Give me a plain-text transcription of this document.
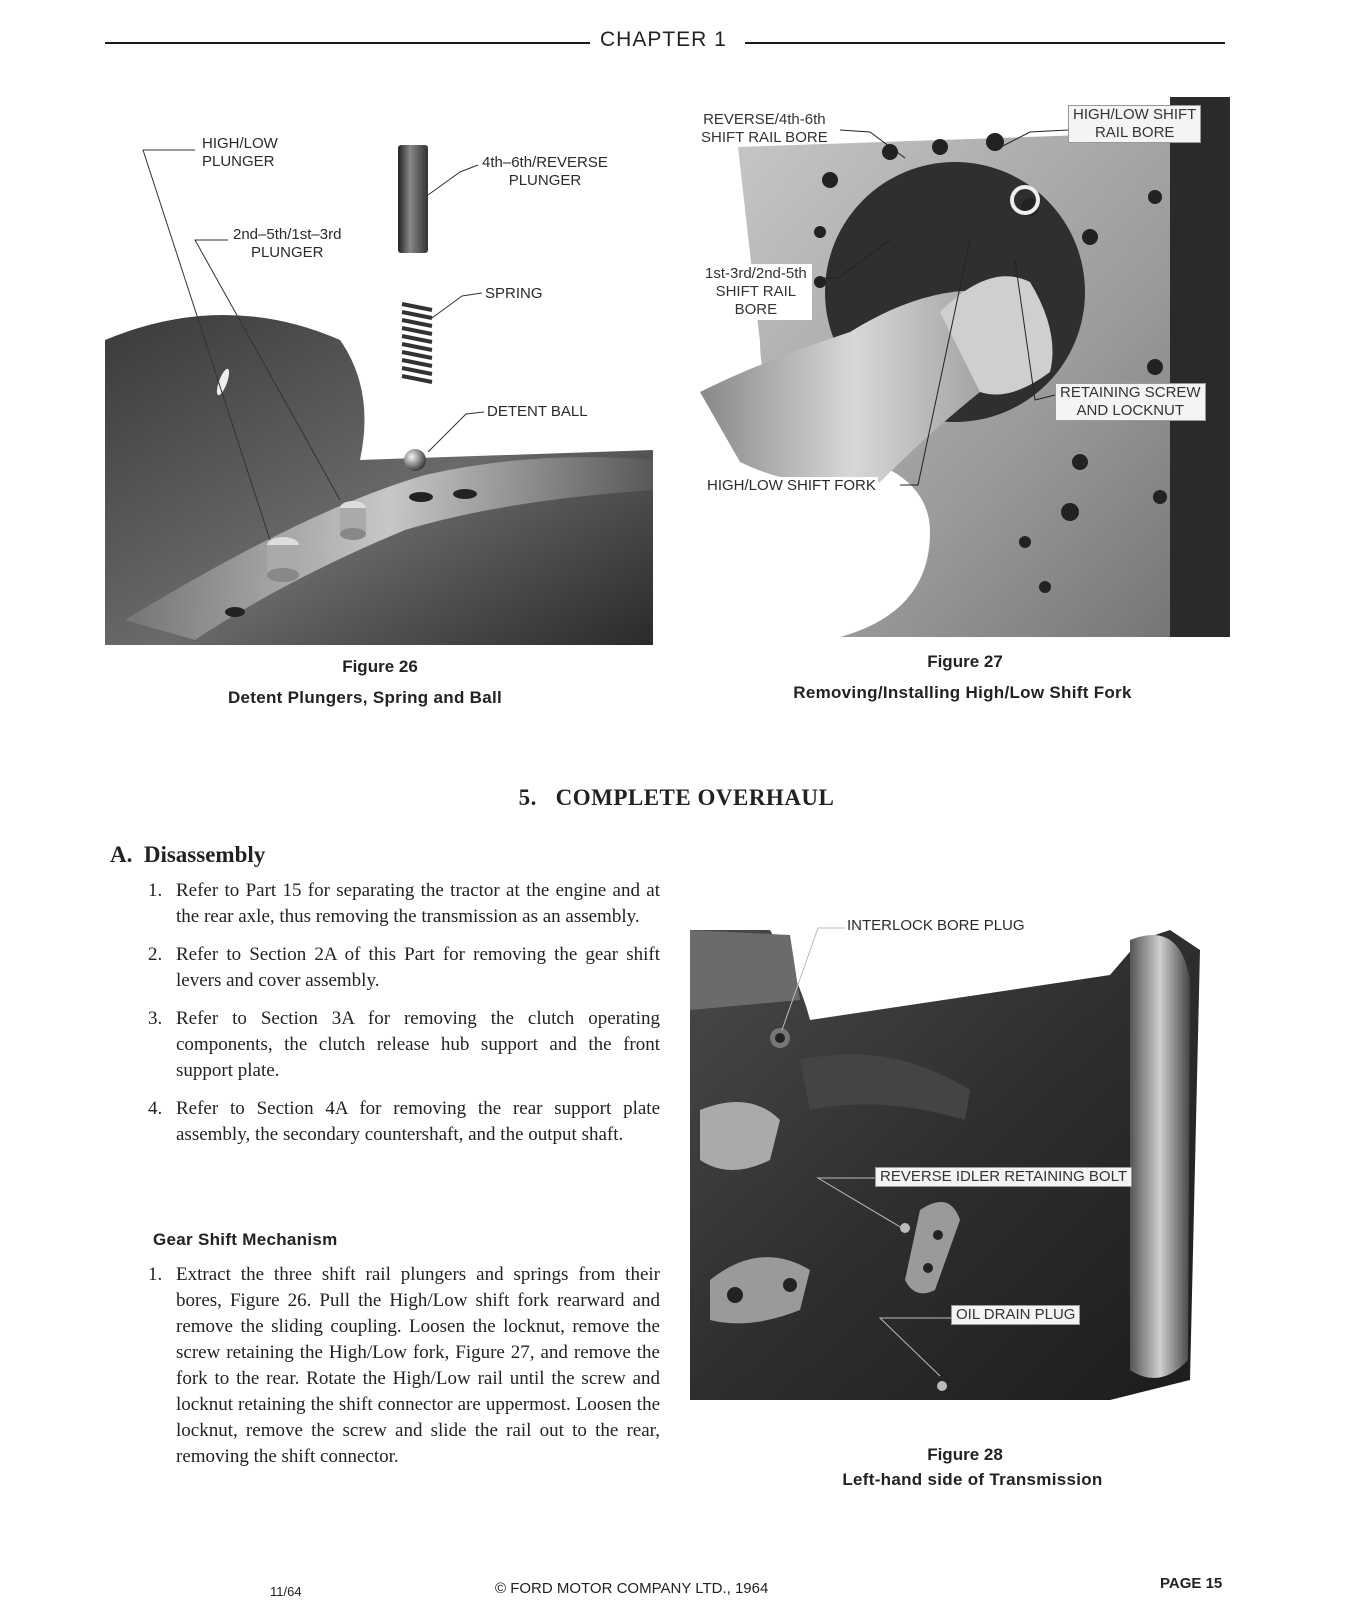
CHAPTER 1
HIGH/LOW
PLUNGER
2nd–5th/1st–3rd
PLUNGER
4th–6th/REVERSE
PLUNGER
SPRING
DETENT BALL
Figure 26
Detent Plungers, Spring and Ball
REVERSE/4th-6th
SHIFT RAIL BORE
HIGH/LOW SHIFT
RAIL BORE
1st-3rd/2nd-5th
SHIFT RAIL
BORE
RETAINING SCREW
AND LOCKNUT
HIGH/LOW SHIFT FORK
Figure 27
Removing/Installing High/Low Shift Fork
5.   COMPLETE OVERHAUL
A.  Disassembly
1. Refer to Part 15 for separating the tractor at the engine and at the rear axle, thus removing the transmission as an assembly.
2. Refer to Section 2A of this Part for removing the gear shift levers and cover assembly.
3. Refer to Section 3A for removing the clutch operating components, the clutch release hub support and the front support plate.
4. Refer to Section 4A for removing the rear support plate assembly, the secondary countershaft, and the output shaft.
Gear Shift Mechanism
1. Extract the three shift rail plungers and springs from their bores, Figure 26. Pull the High/Low shift fork rearward and remove the sliding coupling. Loosen the locknut, remove the screw retaining the High/Low fork, Figure 27, and remove the fork to the rear. Rotate the High/Low rail until the screw and locknut retaining the shift connector are uppermost. Loosen the locknut, remove the screw and slide the rail out to the rear, removing the shift connector.
INTERLOCK BORE PLUG
REVERSE IDLER RETAINING BOLT
OIL DRAIN PLUG
Figure 28
Left-hand side of Transmission
11/64	© FORD MOTOR COMPANY LTD., 1964	PAGE 15
